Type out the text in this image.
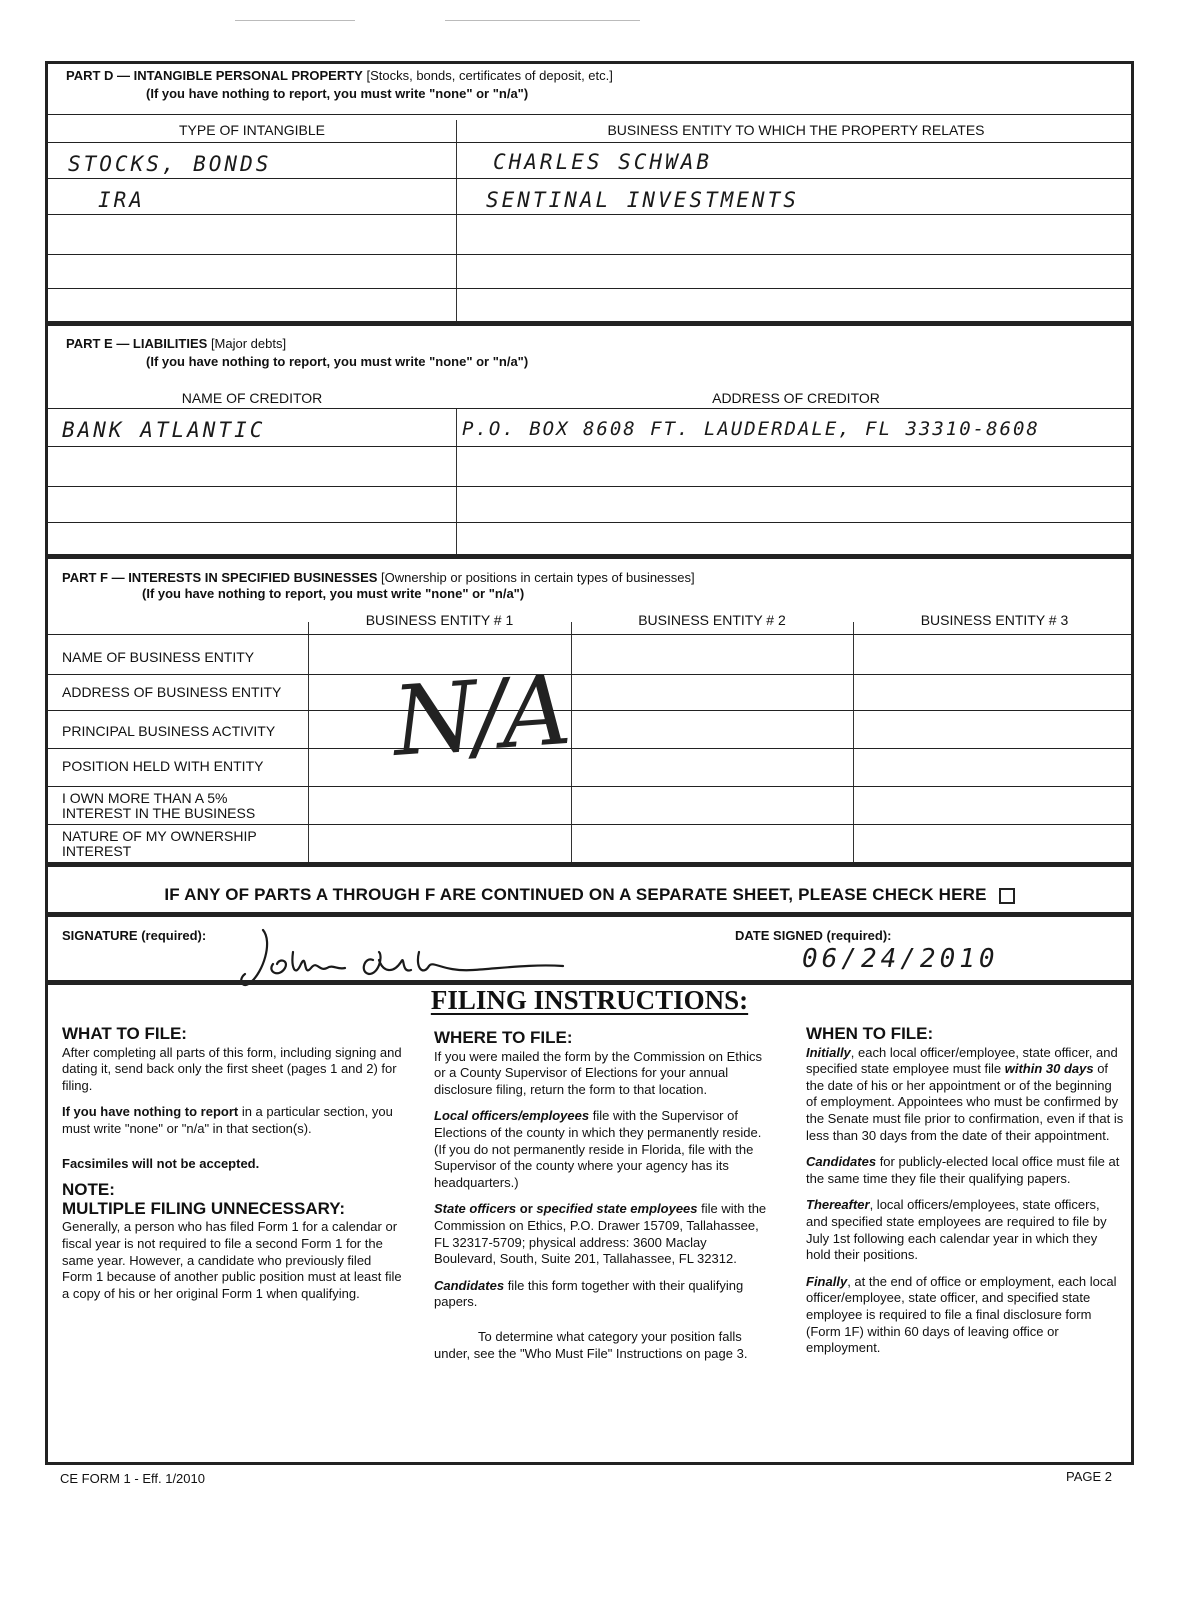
PART D — INTANGIBLE PERSONAL PROPERTY [Stocks, bonds, certificates of deposit, etc.]
(If you have nothing to report, you must write "none" or "n/a")
TYPE OF INTANGIBLE	BUSINESS ENTITY TO WHICH THE PROPERTY RELATES
STOCKS, BONDS	CHARLES SCHWAB
IRA	SENTINAL INVESTMENTS
PART E — LIABILITIES [Major debts]
(If you have nothing to report, you must write "none" or "n/a")
NAME OF CREDITOR	ADDRESS OF CREDITOR
BANK ATLANTIC	P.O. BOX 8608 FT. LAUDERDALE, FL 33310-8608
PART F — INTERESTS IN SPECIFIED BUSINESSES [Ownership or positions in certain types of businesses]
(If you have nothing to report, you must write "none" or "n/a")
BUSINESS ENTITY # 1	BUSINESS ENTITY # 2	BUSINESS ENTITY # 3
NAME OF BUSINESS ENTITY
ADDRESS OF BUSINESS ENTITY
PRINCIPAL BUSINESS ACTIVITY
POSITION HELD WITH ENTITY
I OWN MORE THAN A 5% INTEREST IN THE BUSINESS
NATURE OF MY OWNERSHIP INTEREST
N/A
IF ANY OF PARTS A THROUGH F ARE CONTINUED ON A SEPARATE SHEET, PLEASE CHECK HERE
SIGNATURE (required):	DATE SIGNED (required):
06/24/2010
FILING INSTRUCTIONS:
WHAT TO FILE:

After completing all parts of this form, including signing and dating it, send back only the first sheet (pages 1 and 2) for filing.

If you have nothing to report in a particular section, you must write "none" or "n/a" in that section(s).

Facsimiles will not be accepted.

NOTE:
MULTIPLE FILING UNNECESSARY:

Generally, a person who has filed Form 1 for a calendar or fiscal year is not required to file a second Form 1 for the same year. However, a candidate who previously filed Form 1 because of another public position must at least file a copy of his or her original Form 1 when qualifying.

WHERE TO FILE:

If you were mailed the form by the Commission on Ethics or a County Supervisor of Elections for your annual disclosure filing, return the form to that location.

Local officers/employees file with the Supervisor of Elections of the county in which they permanently reside. (If you do not permanently reside in Florida, file with the Supervisor of the county where your agency has its headquarters.)

State officers or specified state employees file with the Commission on Ethics, P.O. Drawer 15709, Tallahassee, FL 32317-5709; physical address: 3600 Maclay Boulevard, South, Suite 201, Tallahassee, FL 32312.

Candidates file this form together with their qualifying papers.

To determine what category your position falls under, see the "Who Must File" Instructions on page 3.

WHEN TO FILE:

Initially, each local officer/employee, state officer, and specified state employee must file within 30 days of the date of his or her appointment or of the beginning of employment. Appointees who must be confirmed by the Senate must file prior to confirmation, even if that is less than 30 days from the date of their appointment.

Candidates for publicly-elected local office must file at the same time they file their qualifying papers.

Thereafter, local officers/employees, state officers, and specified state employees are required to file by July 1st following each calendar year in which they hold their positions.

Finally, at the end of office or employment, each local officer/employee, state officer, and specified state employee is required to file a final disclosure form (Form 1F) within 60 days of leaving office or employment.

CE FORM 1 - Eff. 1/2010	PAGE 2
